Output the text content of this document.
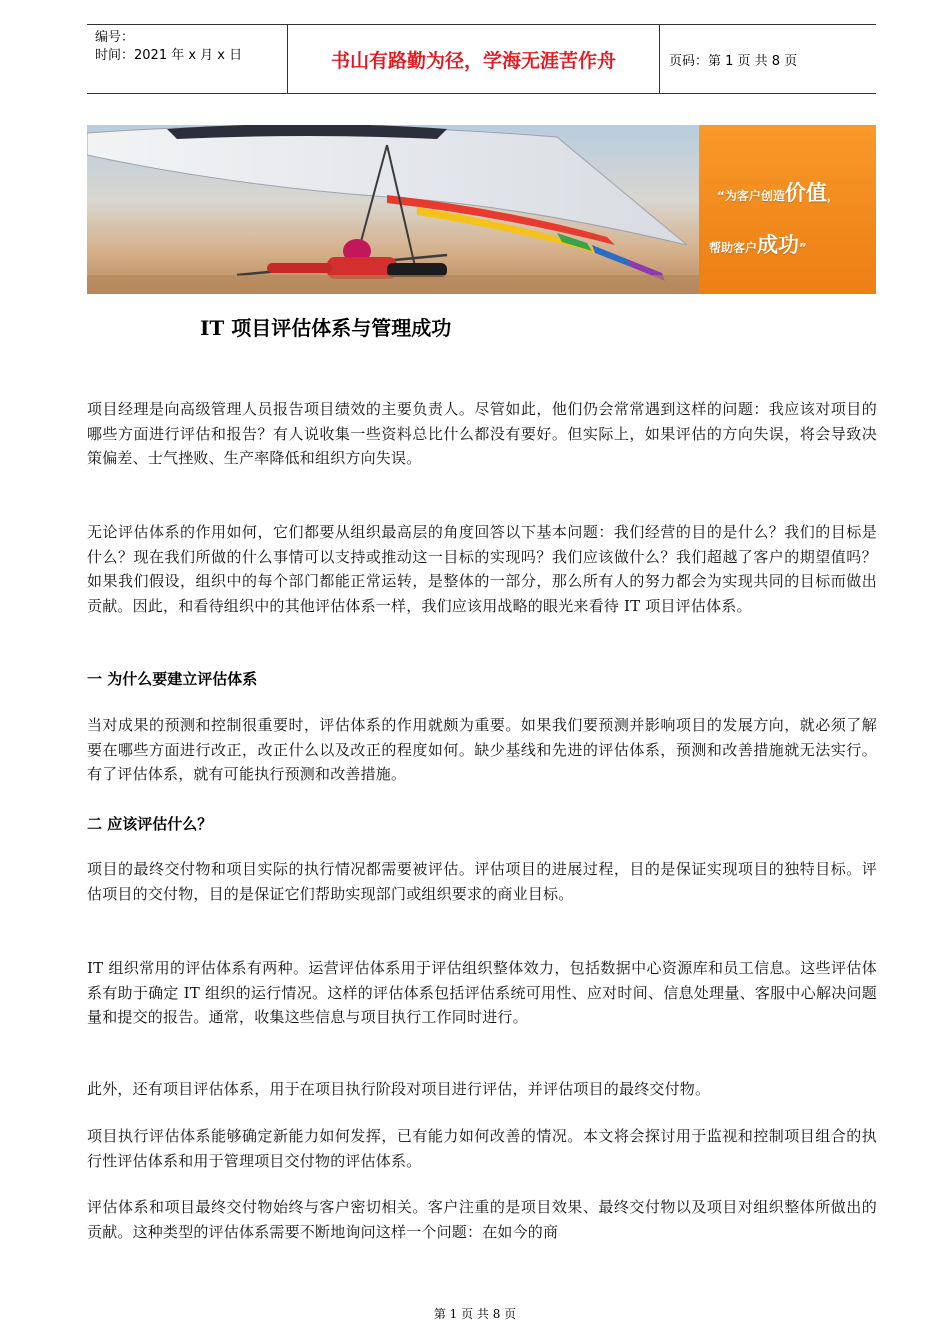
编号：
时间：2021 年 x 月 x 日	书山有路勤为径，学海无涯苦作舟	页码：第 1 页 共 8 页
“为客户创造价值，
帮助客户成功”
IT 项目评估体系与管理成功
项目经理是向高级管理人员报告项目绩效的主要负责人。尽管如此，他们仍会常常遇到这样的问题：我应该对项目的哪些方面进行评估和报告？有人说收集一些资料总比什么都没有要好。但实际上，如果评估的方向失误，将会导致决策偏差、士气挫败、生产率降低和组织方向失误。
无论评估体系的作用如何，它们都要从组织最高层的角度回答以下基本问题：我们经营的目的是什么？我们的目标是什么？现在我们所做的什么事情可以支持或推动这一目标的实现吗？我们应该做什么？我们超越了客户的期望值吗？如果我们假设，组织中的每个部门都能正常运转，是整体的一部分，那么所有人的努力都会为实现共同的目标而做出贡献。因此，和看待组织中的其他评估体系一样，我们应该用战略的眼光来看待 IT 项目评估体系。
一 为什么要建立评估体系
当对成果的预测和控制很重要时，评估体系的作用就颇为重要。如果我们要预测并影响项目的发展方向，就必须了解要在哪些方面进行改正，改正什么以及改正的程度如何。缺少基线和先进的评估体系，预测和改善措施就无法实行。有了评估体系，就有可能执行预测和改善措施。
二 应该评估什么？
项目的最终交付物和项目实际的执行情况都需要被评估。评估项目的进展过程，目的是保证实现项目的独特目标。评估项目的交付物，目的是保证它们帮助实现部门或组织要求的商业目标。
IT 组织常用的评估体系有两种。运营评估体系用于评估组织整体效力，包括数据中心资源库和员工信息。这些评估体系有助于确定 IT 组织的运行情况。这样的评估体系包括评估系统可用性、应对时间、信息处理量、客服中心解决问题量和提交的报告。通常，收集这些信息与项目执行工作同时进行。
此外，还有项目评估体系，用于在项目执行阶段对项目进行评估，并评估项目的最终交付物。
项目执行评估体系能够确定新能力如何发挥，已有能力如何改善的情况。本文将会探讨用于监视和控制项目组合的执行性评估体系和用于管理项目交付物的评估体系。
评估体系和项目最终交付物始终与客户密切相关。客户注重的是项目效果、最终交付物以及项目对组织整体所做出的贡献。这种类型的评估体系需要不断地询问这样一个问题：在如今的商
第 1 页 共 8 页
